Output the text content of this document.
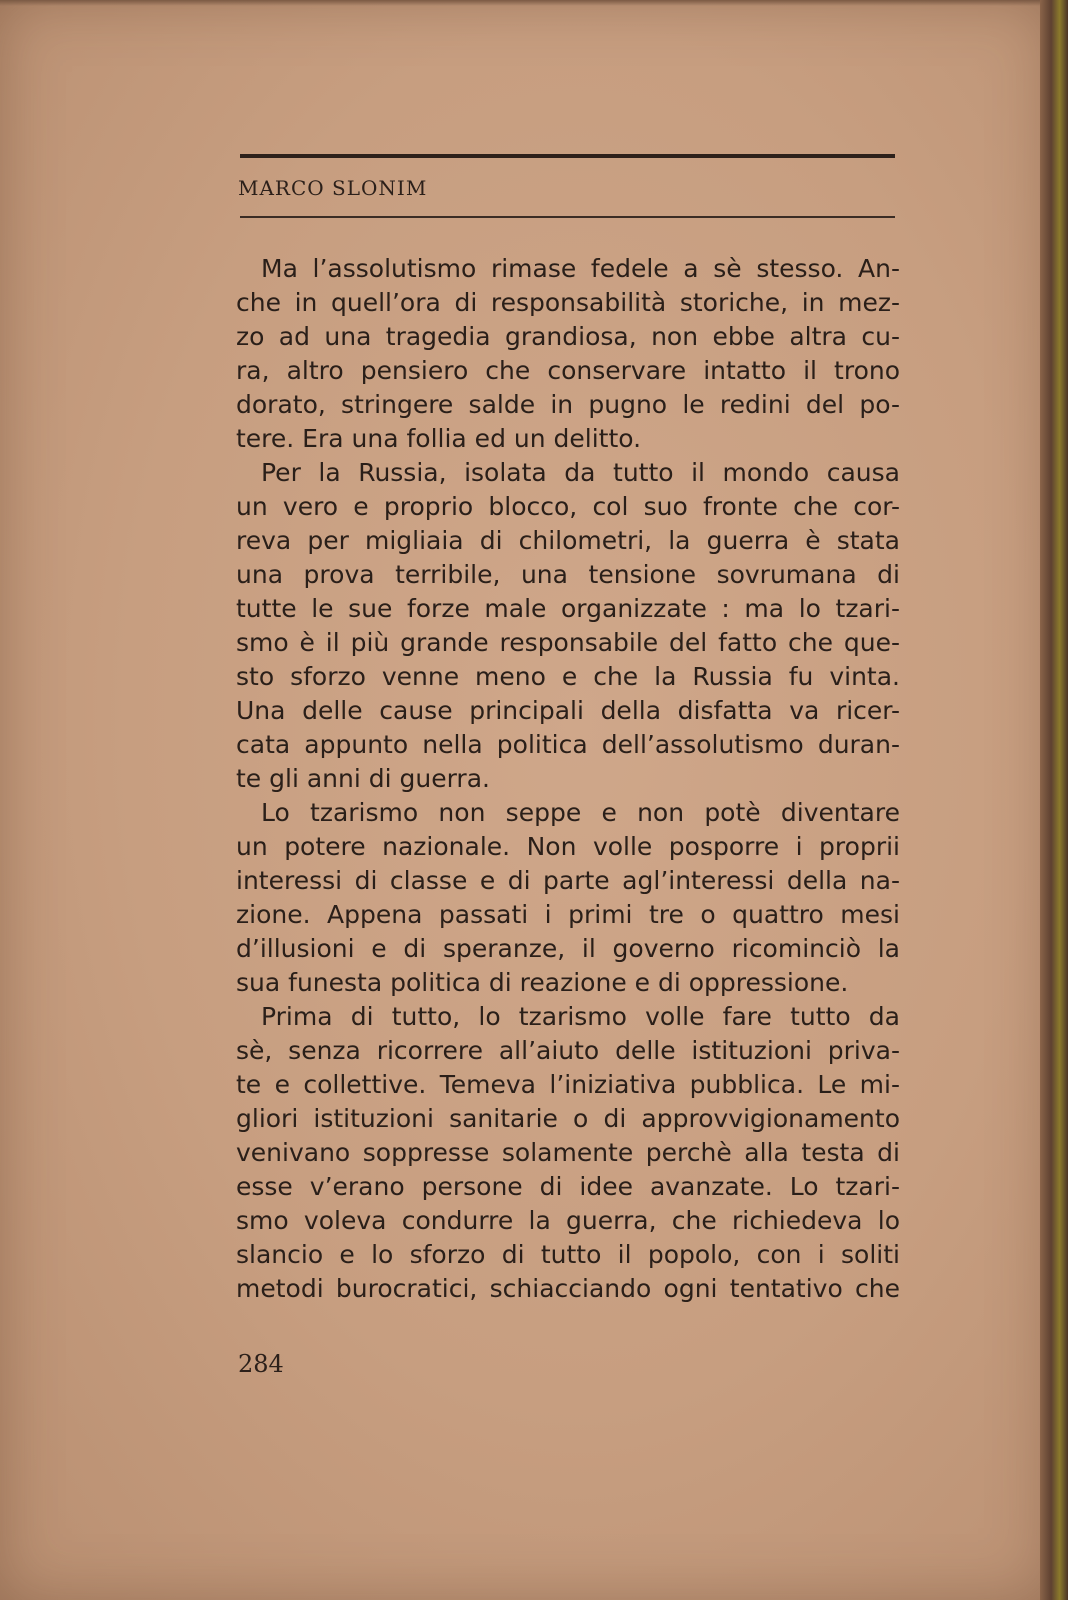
MARCO SLONIM
 Ma l’assolutismo rimase fedele a sè stesso. An-
che in quell’ora di responsabilità storiche, in mez-
zo ad una tragedia grandiosa, non ebbe altra cu-
ra, altro pensiero che conservare intatto il trono
dorato, stringere salde in pugno le redini del po-
tere. Era una follia ed un delitto.
 Per la Russia, isolata da tutto il mondo causa
un vero e proprio blocco, col suo fronte che cor-
reva per migliaia di chilometri, la guerra è stata
una prova terribile, una tensione sovrumana di
tutte le sue forze male organizzate : ma lo tzari-
smo è il più grande responsabile del fatto che que-
sto sforzo venne meno e che la Russia fu vinta.
Una delle cause principali della disfatta va ricer-
cata appunto nella politica dell’assolutismo duran-
te gli anni di guerra.
 Lo tzarismo non seppe e non potè diventare
un potere nazionale. Non volle posporre i proprii
interessi di classe e di parte agl’interessi della na-
zione. Appena passati i primi tre o quattro mesi
d’illusioni e di speranze, il governo ricominciò la
sua funesta politica di reazione e di oppressione.
 Prima di tutto, lo tzarismo volle fare tutto da
sè, senza ricorrere all’aiuto delle istituzioni priva-
te e collettive. Temeva l’iniziativa pubblica. Le mi-
gliori istituzioni sanitarie o di approvvigionamento
venivano soppresse solamente perchè alla testa di
esse v’erano persone di idee avanzate. Lo tzari-
smo voleva condurre la guerra, che richiedeva lo
slancio e lo sforzo di tutto il popolo, con i soliti
metodi burocratici, schiacciando ogni tentativo che
284
